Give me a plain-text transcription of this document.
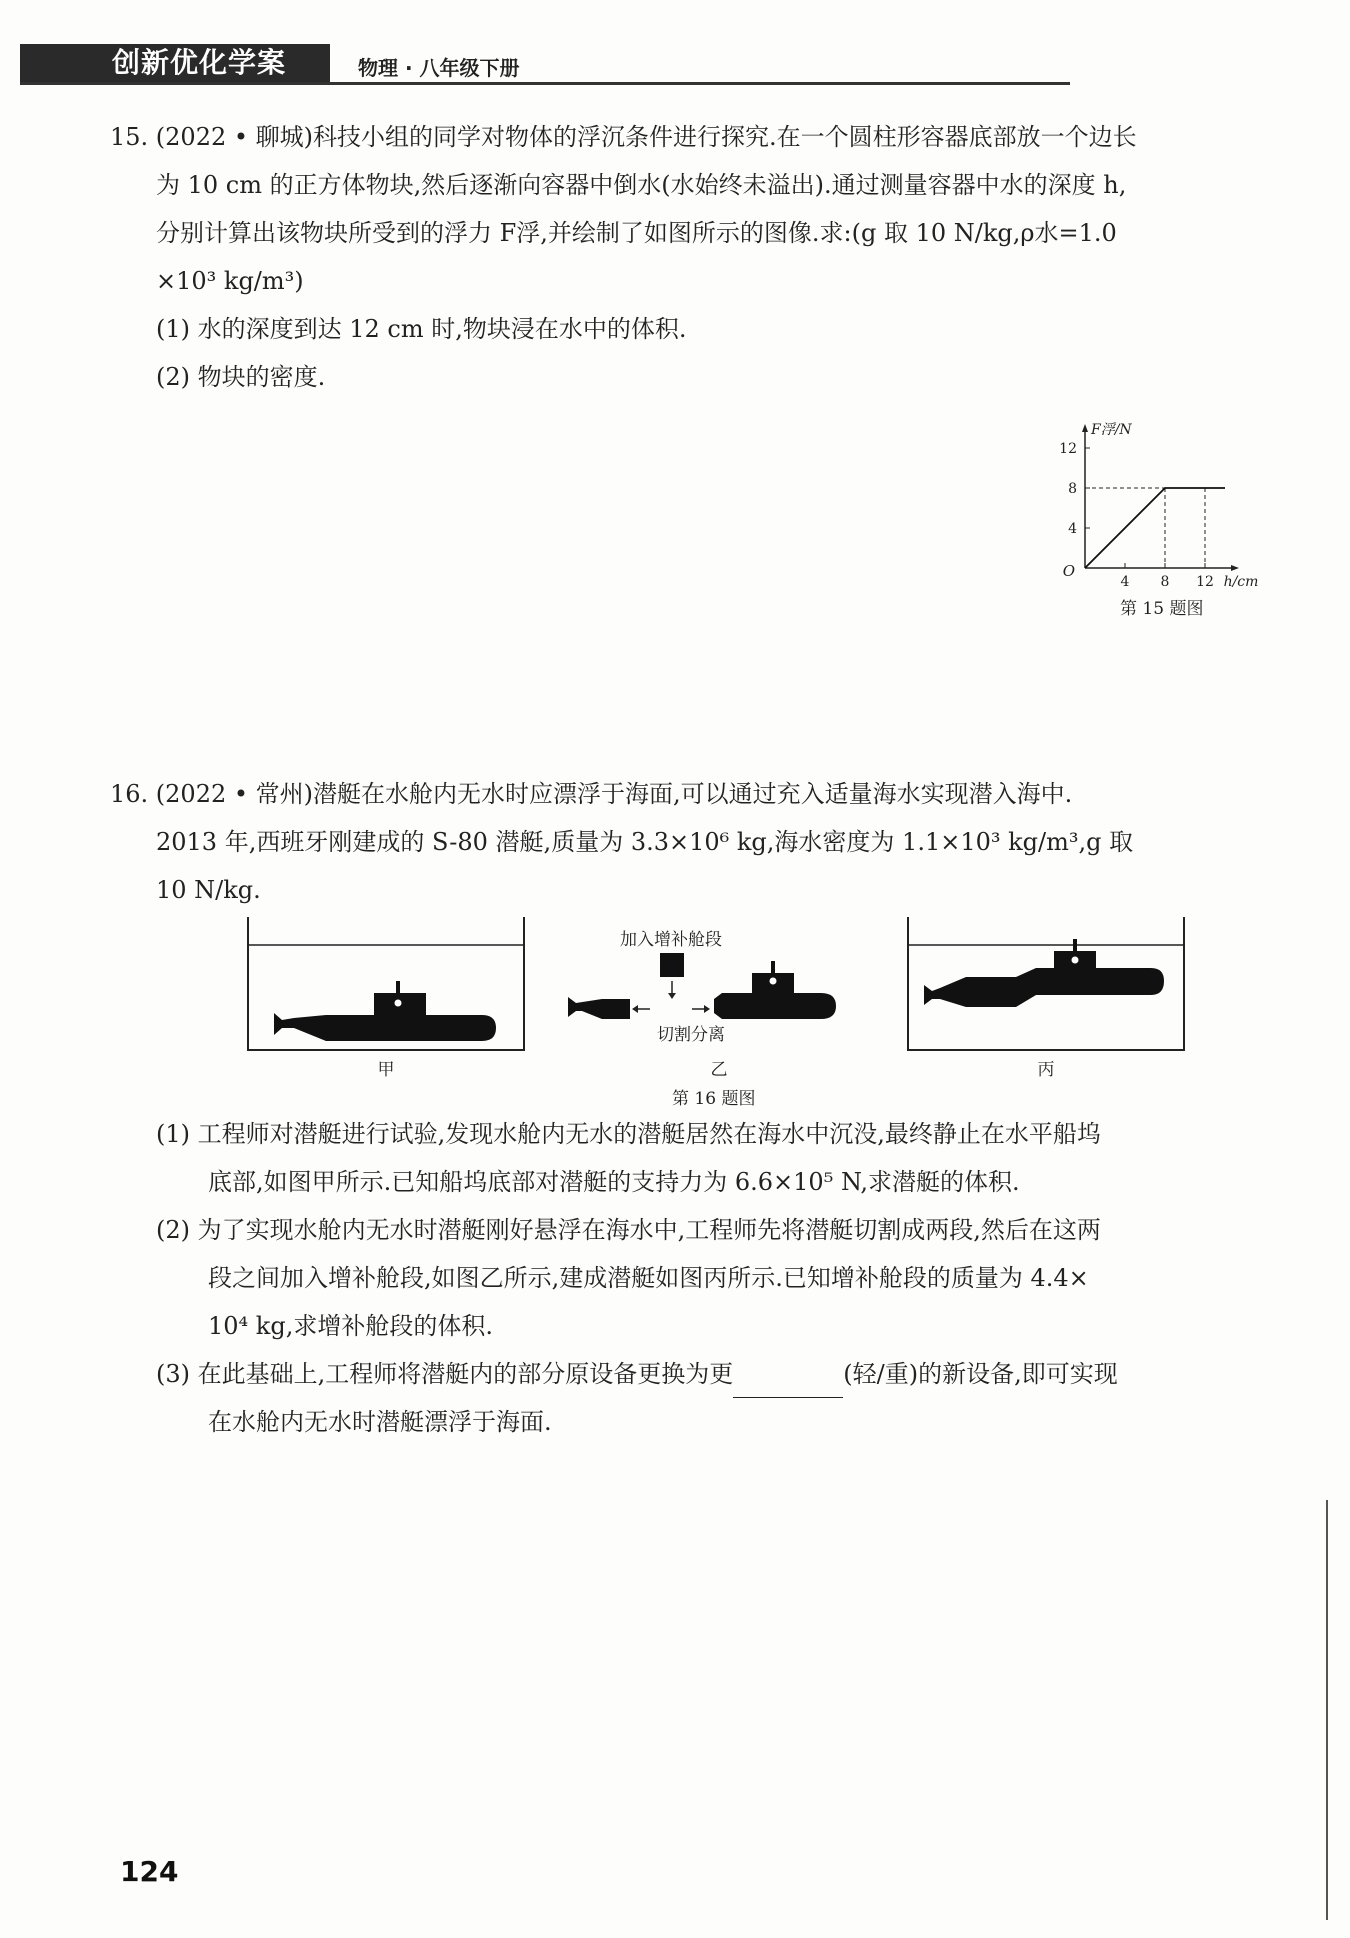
创新优化学案	物理 · 八年级下册
15. (2022 • 聊城)科技小组的同学对物体的浮沉条件进行探究.在一个圆柱形容器底部放一个边长
为 10 cm 的正方体物块,然后逐渐向容器中倒水(水始终未溢出).通过测量容器中水的深度 h,
分别计算出该物块所受到的浮力 F浮,并绘制了如图所示的图像.求:(g 取 10 N/kg,ρ水=1.0
×10³ kg/m³)
(1) 水的深度到达 12 cm 时,物块浸在水中的体积.
(2) 物块的密度.
4
8
12
4 8 12
O
F浮/N
h/cm
第 15 题图
16. (2022 • 常州)潜艇在水舱内无水时应漂浮于海面,可以通过充入适量海水实现潜入海中.
2013 年,西班牙刚建成的 S-80 潜艇,质量为 3.3×10⁶ kg,海水密度为 1.1×10³ kg/m³,g 取
10 N/kg.
甲
加入增补舱段
切割分离
乙	丙
第 16 题图
(1) 工程师对潜艇进行试验,发现水舱内无水的潜艇居然在海水中沉没,最终静止在水平船坞
底部,如图甲所示.已知船坞底部对潜艇的支持力为 6.6×10⁵ N,求潜艇的体积.
(2) 为了实现水舱内无水时潜艇刚好悬浮在海水中,工程师先将潜艇切割成两段,然后在这两
段之间加入增补舱段,如图乙所示,建成潜艇如图丙所示.已知增补舱段的质量为 4.4×
10⁴ kg,求增补舱段的体积.
(3) 在此基础上,工程师将潜艇内的部分原设备更换为更	(轻/重)的新设备,即可实现
在水舱内无水时潜艇漂浮于海面.
124
